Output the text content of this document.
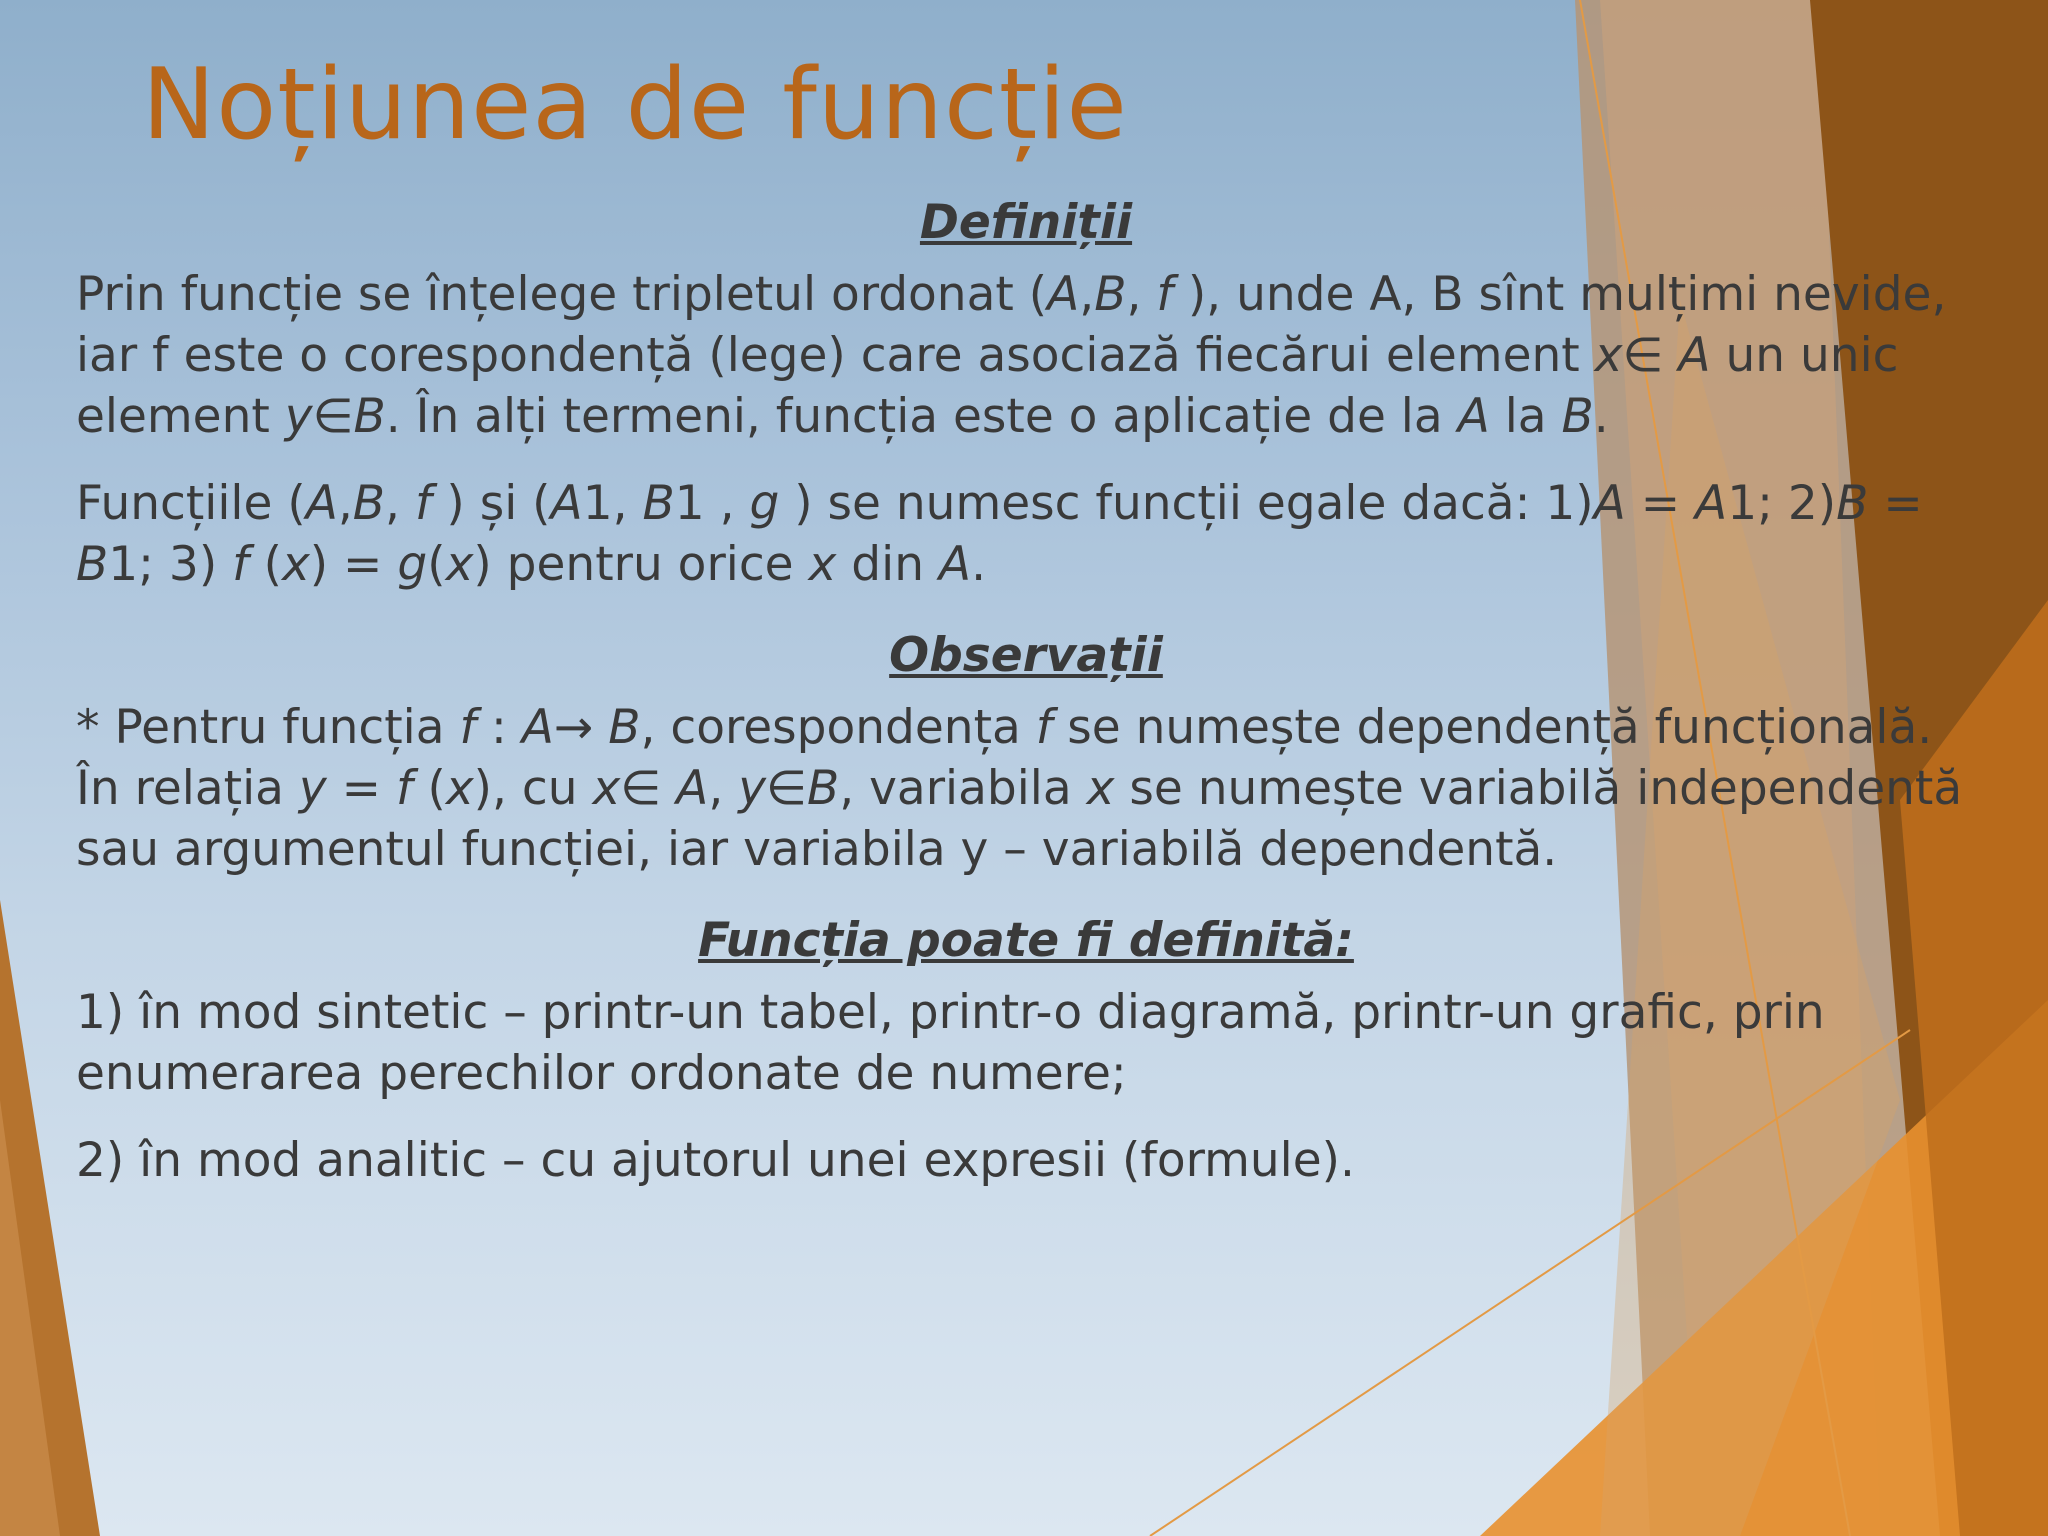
Noțiunea de funcție

Definiții

Prin funcție se înțelege tripletul ordonat (A,B, f ), unde A, B sînt mulțimi nevide, iar f este o corespondență (lege) care asociază fiecărui element x∈ A un unic element y∈B. În alți termeni, funcția este o aplicație de la A la B.

Funcțiile (A,B, f ) și (A1, B1 , g ) se numesc funcții egale dacă: 1)A = A1; 2)B = B1; 3) f (x) = g(x) pentru orice x din A.

Observații

* Pentru funcția f : A→ B, corespondența f se numește dependență funcțională. În relația y = f (x), cu x∈ A, y∈B, variabila x se numește variabilă independentă sau argumentul funcției, iar variabila y – variabilă dependentă.

Funcția poate fi definită:

1) în mod sintetic – printr-un tabel, printr-o diagramă, printr-un grafic, prin enumerarea perechilor ordonate de numere;

2) în mod analitic – cu ajutorul unei expresii (formule).
